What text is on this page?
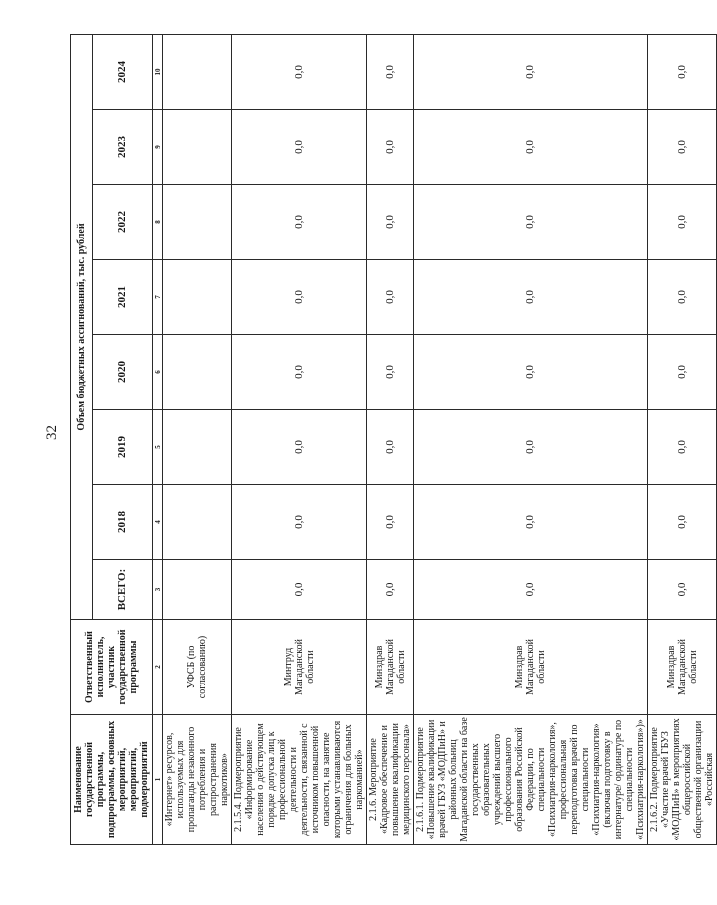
32
Наименование государственной программы, подпрограммы, основных мероприятий, мероприятий, подмероприятий	Ответственный исполнитель, участник государственной программы	Объем бюджетных ассигнований, тыс. рублей							
		ВСЕГО:	2018	2019	2020	2021	2022	2023	2024
1	2	3	4	5	6	7	8	9	10
«Интернет» ресурсов, используемых для пропаганды незаконного потребления и распространения наркотиков»	УФСБ (по согласованию)								
2.1.5.4. Подмероприятие «Информирование населения о действующем порядке допуска лиц к профессиональной деятельности и деятельности, связанной с источником повышенной опасности, на занятие которыми устанавливаются ограничения для больных наркоманией»	Минтруд Магаданской области	0,0	0,0	0,0	0,0	0,0	0,0	0,0	0,0
2.1.6. Мероприятие «Кадровое обеспечение и повышение квалификации медицинского персонала»	Минздрав Магаданской области	0,0	0,0	0,0	0,0	0,0	0,0	0,0	0,0
2.1.6.1. Подмероприятие «Повышение квалификации врачей ГБУЗ «МОДПиН» и районных больниц Магаданской области на базе государственных образовательных учреждений высшего профессионального образования Российской Федерации, по специальности «Психиатрия-наркология», профессиональная переподготовка врачей по специальности «Психиатрия-наркология» (включая подготовку в интернатуре/ ординатуре по специальности «Психиатрия-наркология»)»	Минздрав Магаданской области	0,0	0,0	0,0	0,0	0,0	0,0	0,0	0,0
2.1.6.2. Подмероприятие «Участие врачей ГБУЗ «МОДПиН» в мероприятиях общероссийской общественной организации «Российская	Минздрав Магаданской области	0,0	0,0	0,0	0,0	0,0	0,0	0,0	0,0
